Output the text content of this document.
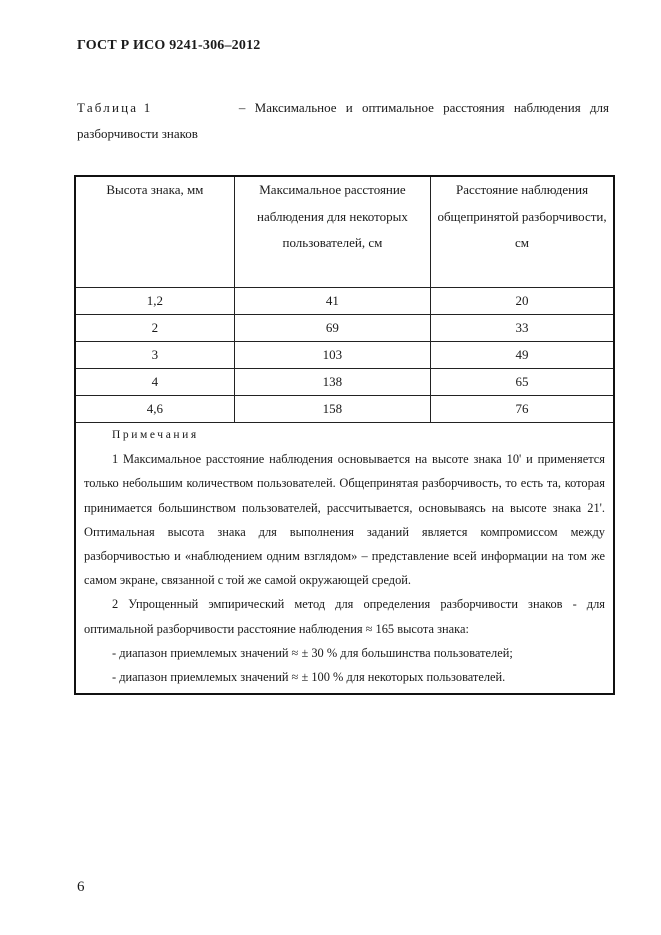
ГОСТ Р ИСО 9241-306–2012
Таблица 1	– Максимальное и оптимальное расстояния наблюдения для
разборчивости знаков
Высота знака, мм	Максимальное расстояние наблюдения для некоторых пользователей, см	Расстояние наблюдения общепринятой разборчивости, см
1,2	41	20
2	69	33
3	103	49
4	138	65
4,6	158	76

Примечания
1 Максимальное расстояние наблюдения основывается на высоте знака 10' и применяется только небольшим количеством пользователей. Общепринятая разборчивость, то есть та, которая принимается большинством пользователей, рассчитывается, основываясь на высоте знака 21'. Оптимальная высота знака для выполнения заданий является компромиссом между разборчивостью и «наблюдением одним взглядом» – представление всей информации на том же самом экране, связанной с той же самой окружающей средой.
2 Упрощенный эмпирический метод для определения разборчивости знаков - для оптимальной разборчивости расстояние наблюдения ≈ 165 высота знака:
- диапазон приемлемых значений ≈ ± 30 % для большинства пользователей;
- диапазон приемлемых значений ≈ ± 100 % для некоторых пользователей.		
6
